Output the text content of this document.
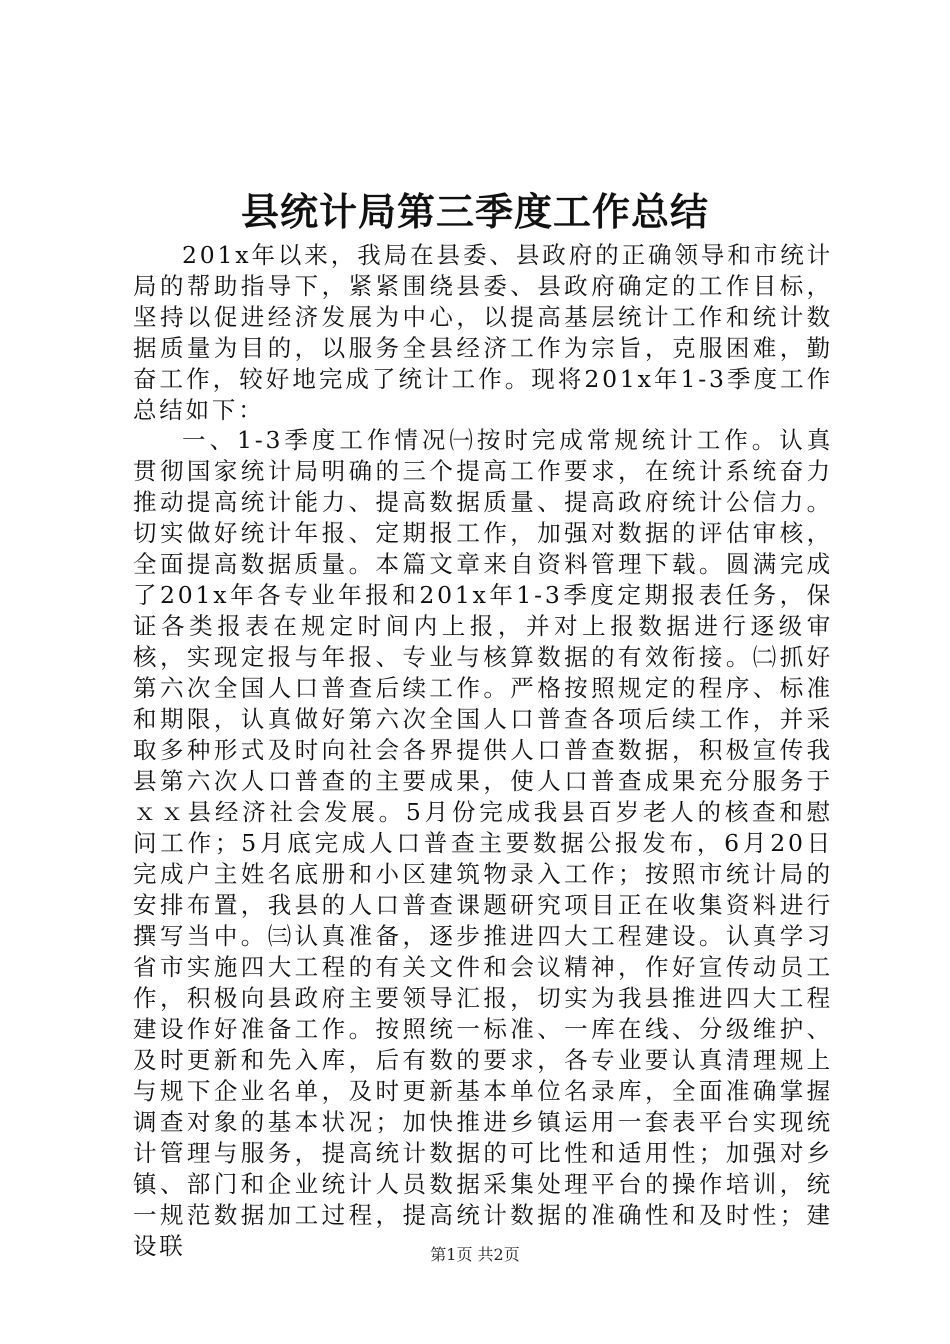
县统计局第三季度工作总结

201x年以来，我局在县委、县政府的正确领导和市统计局的帮助指导下，紧紧围绕县委、县政府确定的工作目标，坚持以促进经济发展为中心，以提高基层统计工作和统计数据质量为目的，以服务全县经济工作为宗旨，克服困难，勤奋工作，较好地完成了统计工作。现将201x年1-3季度工作总结如下：

一、1-3季度工作情况㈠按时完成常规统计工作。认真贯彻国家统计局明确的三个提高工作要求，在统计系统奋力推动提高统计能力、提高数据质量、提高政府统计公信力。切实做好统计年报、定期报工作，加强对数据的评估审核，全面提高数据质量。本篇文章来自资料管理下载。圆满完成了201x年各专业年报和201x年1-3季度定期报表任务，保证各类报表在规定时间内上报，并对上报数据进行逐级审核，实现定报与年报、专业与核算数据的有效衔接。㈡抓好第六次全国人口普查后续工作。严格按照规定的程序、标准和期限，认真做好第六次全国人口普查各项后续工作，并采取多种形式及时向社会各界提供人口普查数据，积极宣传我县第六次人口普查的主要成果，使人口普查成果充分服务于ｘｘ县经济社会发展。5月份完成我县百岁老人的核查和慰问工作；5月底完成人口普查主要数据公报发布，6月20日完成户主姓名底册和小区建筑物录入工作；按照市统计局的安排布置，我县的人口普查课题研究项目正在收集资料进行撰写当中。㈢认真准备，逐步推进四大工程建设。认真学习省市实施四大工程的有关文件和会议精神，作好宣传动员工作，积极向县政府主要领导汇报，切实为我县推进四大工程建设作好准备工作。按照统一标准、一库在线、分级维护、及时更新和先入库，后有数的要求，各专业要认真清理规上与规下企业名单，及时更新基本单位名录库，全面准确掌握调查对象的基本状况；加快推进乡镇运用一套表平台实现统计管理与服务，提高统计数据的可比性和适用性；加强对乡镇、部门和企业统计人员数据采集处理平台的操作培训，统一规范数据加工过程，提高统计数据的准确性和及时性；建设联	第1页 共2页
